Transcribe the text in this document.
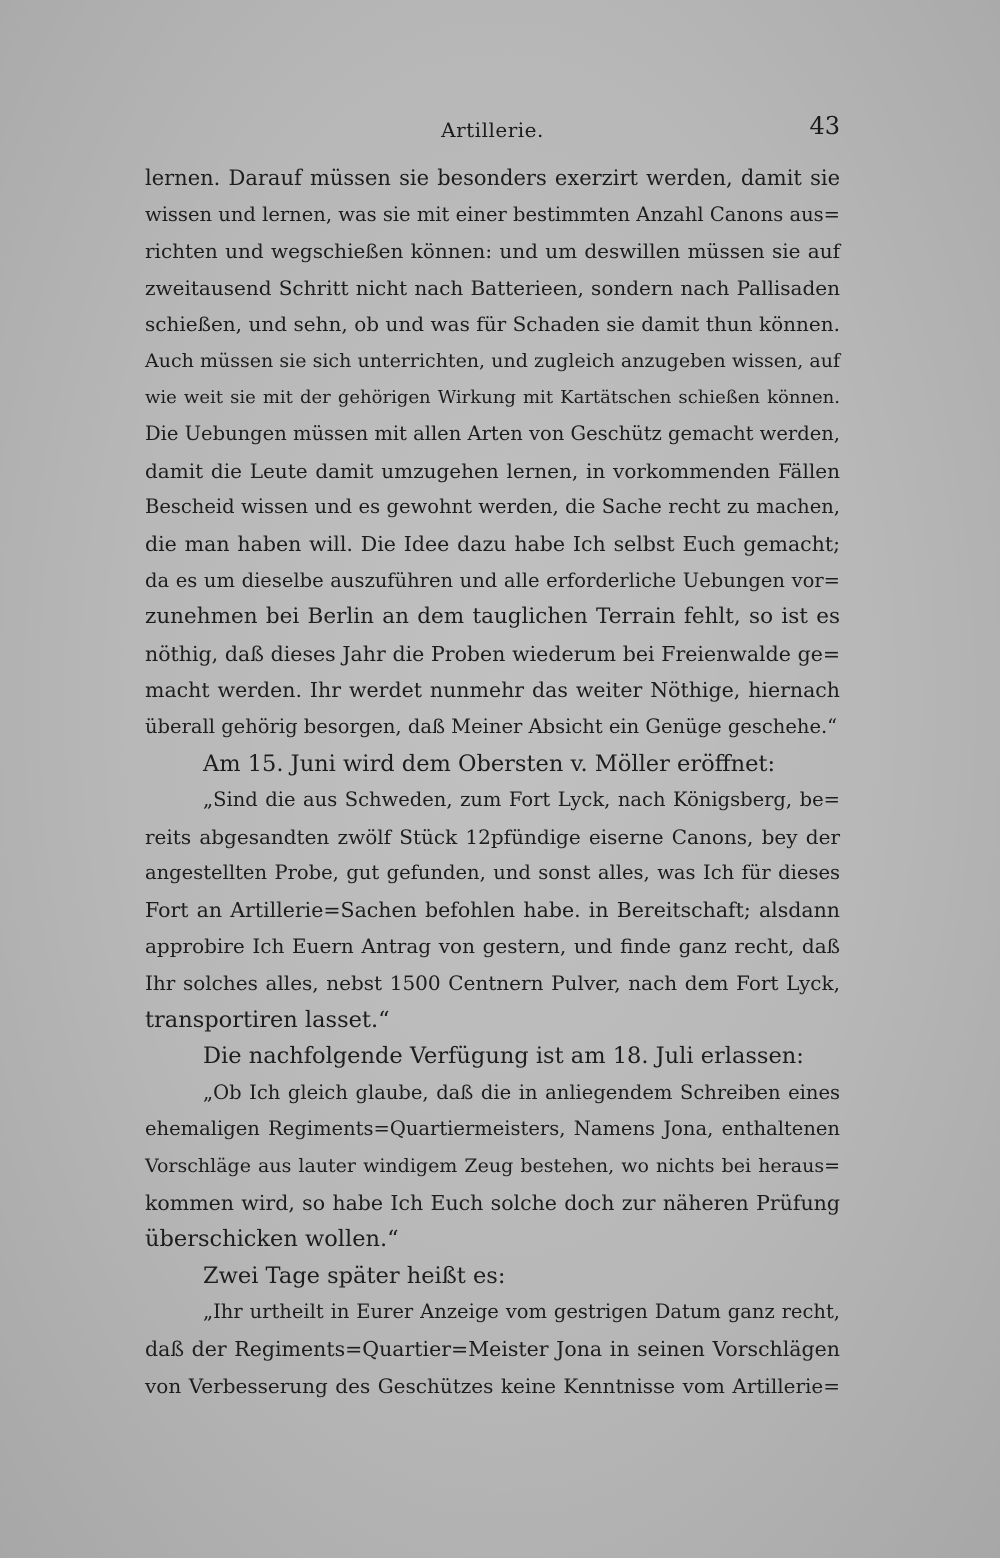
Artillerie.	43
lernen. Darauf müssen sie besonders exerzirt werden, damit sie
wissen und lernen, was sie mit einer bestimmten Anzahl Canons aus=
richten und wegschießen können: und um deswillen müssen sie auf
zweitausend Schritt nicht nach Batterieen, sondern nach Pallisaden
schießen, und sehn, ob und was für Schaden sie damit thun können.
Auch müssen sie sich unterrichten, und zugleich anzugeben wissen, auf
wie weit sie mit der gehörigen Wirkung mit Kartätschen schießen können.
Die Uebungen müssen mit allen Arten von Geschütz gemacht werden,
damit die Leute damit umzugehen lernen, in vorkommenden Fällen
Bescheid wissen und es gewohnt werden, die Sache recht zu machen,
die man haben will. Die Idee dazu habe Ich selbst Euch gemacht;
da es um dieselbe auszuführen und alle erforderliche Uebungen vor=
zunehmen bei Berlin an dem tauglichen Terrain fehlt, so ist es
nöthig, daß dieses Jahr die Proben wiederum bei Freienwalde ge=
macht werden. Ihr werdet nunmehr das weiter Nöthige, hiernach
überall gehörig besorgen, daß Meiner Absicht ein Genüge geschehe.“
Am 15. Juni wird dem Obersten v. Möller eröffnet:
„Sind die aus Schweden, zum Fort Lyck, nach Königsberg, be=
reits abgesandten zwölf Stück 12pfündige eiserne Canons, bey der
angestellten Probe, gut gefunden, und sonst alles, was Ich für dieses
Fort an Artillerie=Sachen befohlen habe. in Bereitschaft; alsdann
approbire Ich Euern Antrag von gestern, und finde ganz recht, daß
Ihr solches alles, nebst 1500 Centnern Pulver, nach dem Fort Lyck,
transportiren lasset.“
Die nachfolgende Verfügung ist am 18. Juli erlassen:
„Ob Ich gleich glaube, daß die in anliegendem Schreiben eines
ehemaligen Regiments=Quartiermeisters, Namens Jona, enthaltenen
Vorschläge aus lauter windigem Zeug bestehen, wo nichts bei heraus=
kommen wird, so habe Ich Euch solche doch zur näheren Prüfung
überschicken wollen.“
Zwei Tage später heißt es:
„Ihr urtheilt in Eurer Anzeige vom gestrigen Datum ganz recht,
daß der Regiments=Quartier=Meister Jona in seinen Vorschlägen
von Verbesserung des Geschützes keine Kenntnisse vom Artillerie=
